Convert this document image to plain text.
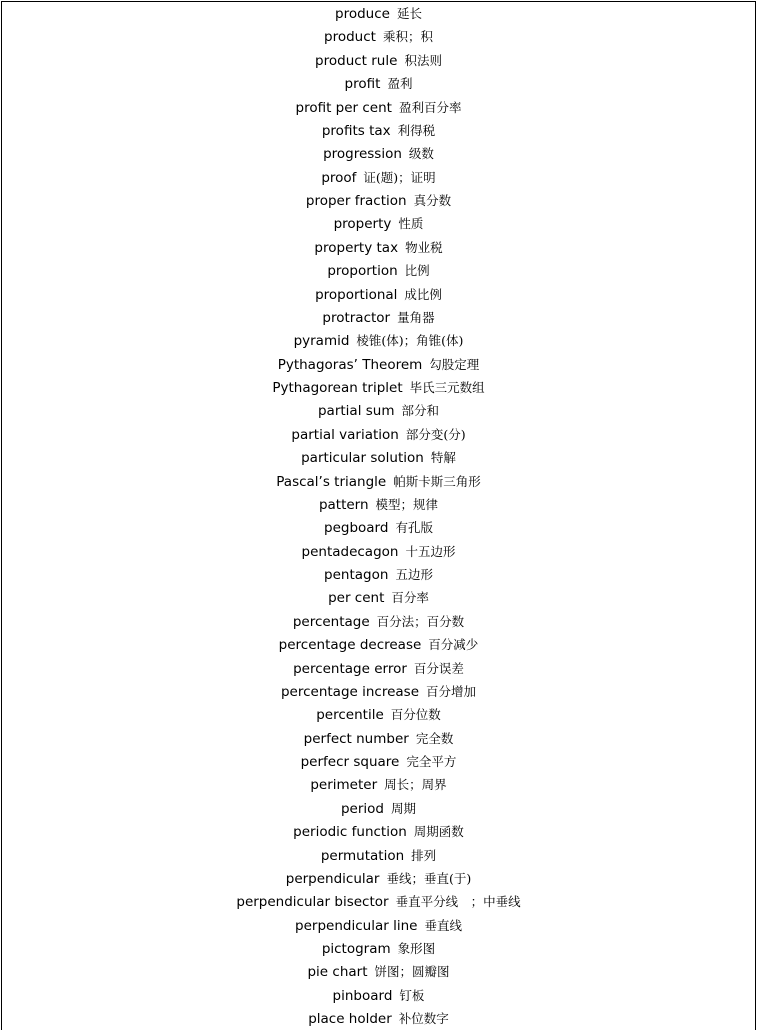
produce 延长
product 乘积；积
product rule 积法则
profit 盈利
profit per cent 盈利百分率
profits tax 利得税
progression 级数
proof 证(题)；证明
proper fraction 真分数
property 性质
property tax 物业税
proportion 比例
proportional 成比例
protractor 量角器
pyramid 棱锥(体)；角锥(体)
Pythagoras’ Theorem 勾股定理
Pythagorean triplet 毕氏三元数组
partial sum 部分和
partial variation 部分变(分)
particular solution 特解
Pascal’s triangle 帕斯卡斯三角形
pattern 模型；规律
pegboard 有孔版
pentadecagon 十五边形
pentagon 五边形
per cent 百分率
percentage 百分法；百分数
percentage decrease 百分减少
percentage error 百分误差
percentage increase 百分增加
percentile 百分位数
perfect number 完全数
perfecr square 完全平方
perimeter 周长；周界
period 周期
periodic function 周期函数
permutation 排列
perpendicular 垂线；垂直(于)
perpendicular bisector 垂直平分线　；中垂线
perpendicular line 垂直线
pictogram 象形图
pie chart 饼图；圆瓣图
pinboard 钉板
place holder 补位数字
